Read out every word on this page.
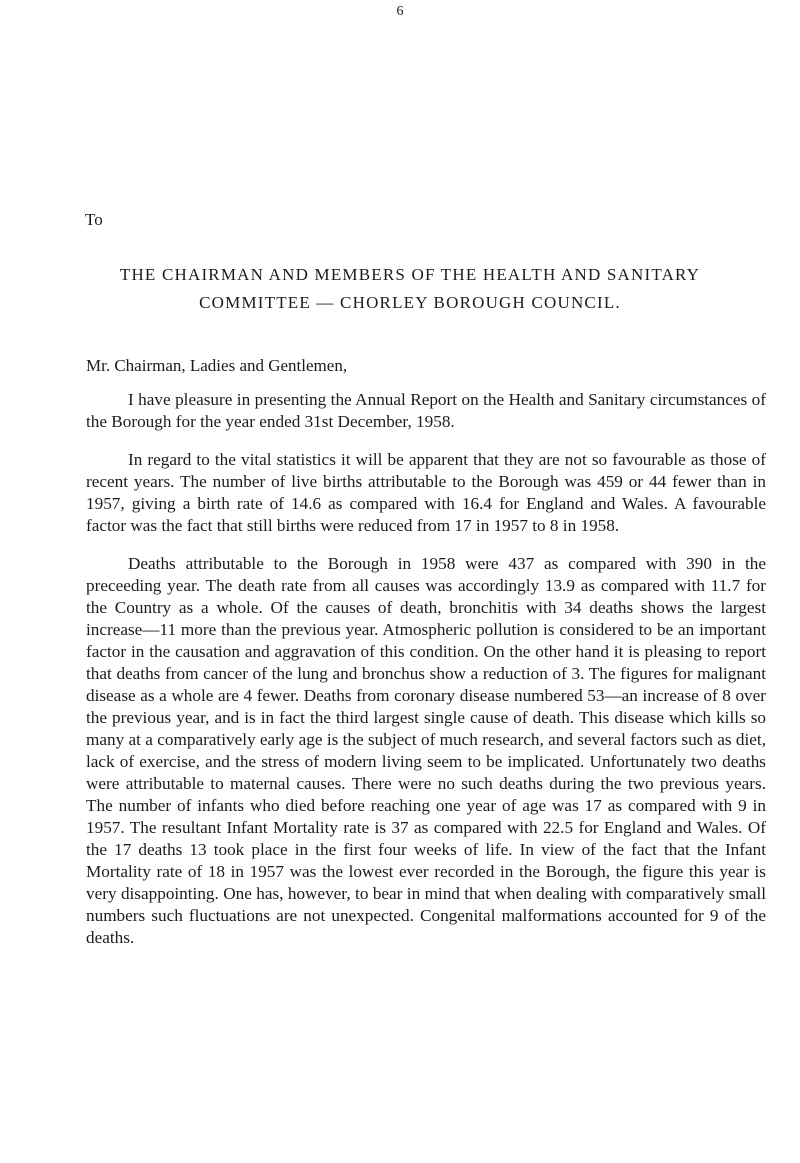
6

To

THE CHAIRMAN AND MEMBERS OF THE HEALTH AND SANITARY
COMMITTEE — CHORLEY BOROUGH COUNCIL.

Mr. Chairman, Ladies and Gentlemen,

I have pleasure in presenting the Annual Report on the Health and Sanitary circumstances of the Borough for the year ended 31st December, 1958.

In regard to the vital statistics it will be apparent that they are not so favourable as those of recent years. The number of live births attributable to the Borough was 459 or 44 fewer than in 1957, giving a birth rate of 14.6 as compared with 16.4 for England and Wales. A favourable factor was the fact that still births were reduced from 17 in 1957 to 8 in 1958.

Deaths attributable to the Borough in 1958 were 437 as compared with 390 in the preceeding year. The death rate from all causes was accordingly 13.9 as compared with 11.7 for the Country as a whole. Of the causes of death, bronchitis with 34 deaths shows the largest increase—11 more than the previous year. Atmospheric pollution is considered to be an important factor in the causation and aggravation of this condition. On the other hand it is pleasing to report that deaths from cancer of the lung and bronchus show a reduction of 3. The figures for malignant disease as a whole are 4 fewer. Deaths from coronary disease numbered 53—an increase of 8 over the previous year, and is in fact the third largest single cause of death. This disease which kills so many at a comparatively early age is the subject of much research, and several factors such as diet, lack of exercise, and the stress of modern living seem to be implicated. Unfortunately two deaths were attributable to maternal causes. There were no such deaths during the two previous years. The number of infants who died before reaching one year of age was 17 as compared with 9 in 1957. The resultant Infant Mortality rate is 37 as compared with 22.5 for England and Wales. Of the 17 deaths 13 took place in the first four weeks of life. In view of the fact that the Infant Mortality rate of 18 in 1957 was the lowest ever recorded in the Borough, the figure this year is very disappointing. One has, however, to bear in mind that when dealing with comparatively small numbers such fluctuations are not unexpected. Congenital malformations accounted for 9 of the deaths.
